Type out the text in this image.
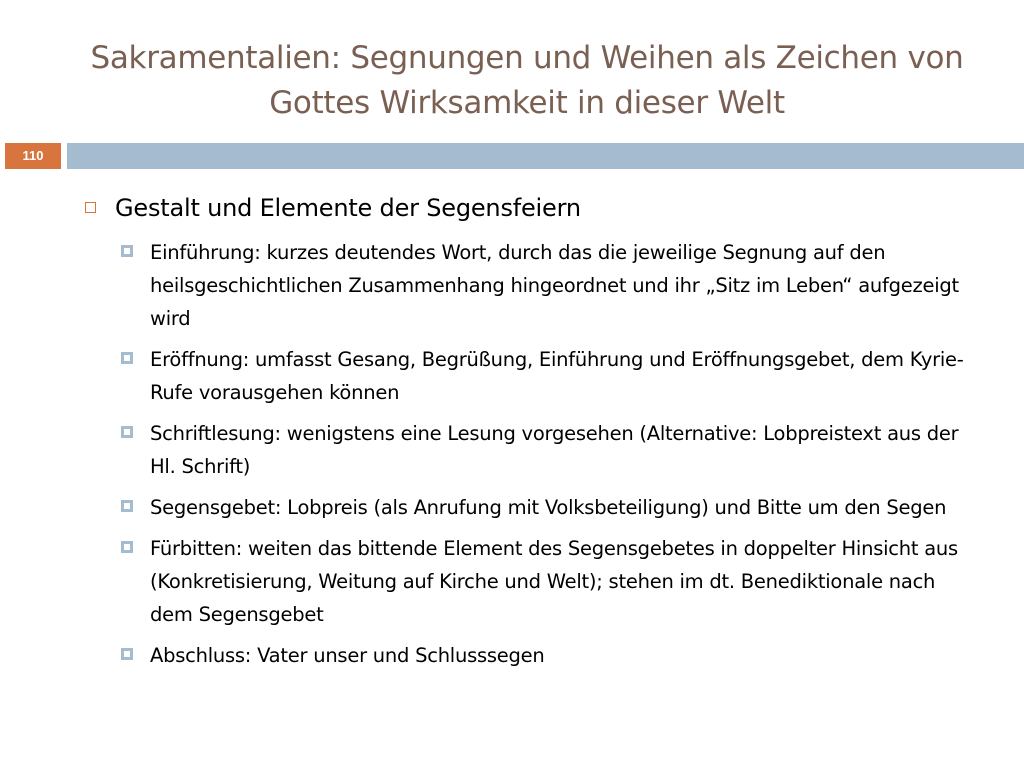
Sakramentalien: Segnungen und Weihen als Zeichen von
Gottes Wirksamkeit in dieser Welt
110
Gestalt und Elemente der Segensfeiern
Einführung: kurzes deutendes Wort, durch das die jeweilige Segnung auf den heilsgeschichtlichen Zusammenhang hingeordnet und ihr „Sitz im Leben“ aufgezeigt wird
Eröffnung: umfasst Gesang, Begrüßung, Einführung und Eröffnungsgebet, dem Kyrie-Rufe vorausgehen können
Schriftlesung: wenigstens eine Lesung vorgesehen (Alternative: Lobpreistext aus der Hl. Schrift)
Segensgebet: Lobpreis (als Anrufung mit Volksbeteiligung) und Bitte um den Segen
Fürbitten: weiten das bittende Element des Segensgebetes in doppelter Hinsicht aus (Konkretisierung, Weitung auf Kirche und Welt); stehen im dt. Benediktionale nach dem Segensgebet
Abschluss: Vater unser und Schlusssegen
